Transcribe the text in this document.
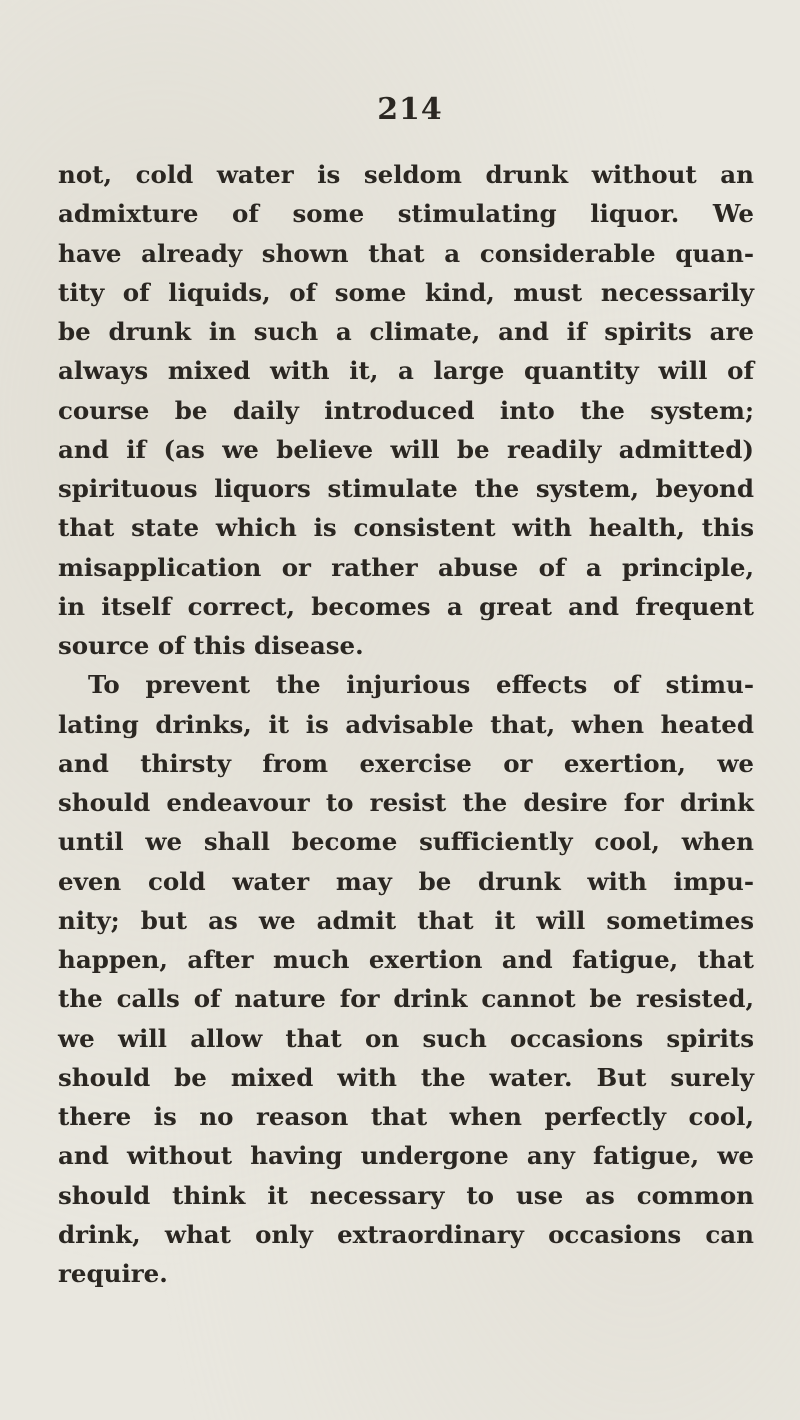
214
not, cold water is seldom drunk without an
admixture of some stimulating liquor. We
have already shown that a considerable quan-
tity of liquids, of some kind, must necessarily
be drunk in such a climate, and if spirits are
always mixed with it, a large quantity will of
course be daily introduced into the system;
and if (as we believe will be readily admitted)
spirituous liquors stimulate the system, beyond
that state which is consistent with health, this
misapplication or rather abuse of a principle,
in itself correct, becomes a great and frequent
source of this disease.
To prevent the injurious effects of stimu-
lating drinks, it is advisable that, when heated
and thirsty from exercise or exertion, we
should endeavour to resist the desire for drink
until we shall become sufficiently cool, when
even cold water may be drunk with impu-
nity; but as we admit that it will sometimes
happen, after much exertion and fatigue, that
the calls of nature for drink cannot be resisted,
we will allow that on such occasions spirits
should be mixed with the water. But surely
there is no reason that when perfectly cool,
and without having undergone any fatigue, we
should think it necessary to use as common
drink, what only extraordinary occasions can
require.
